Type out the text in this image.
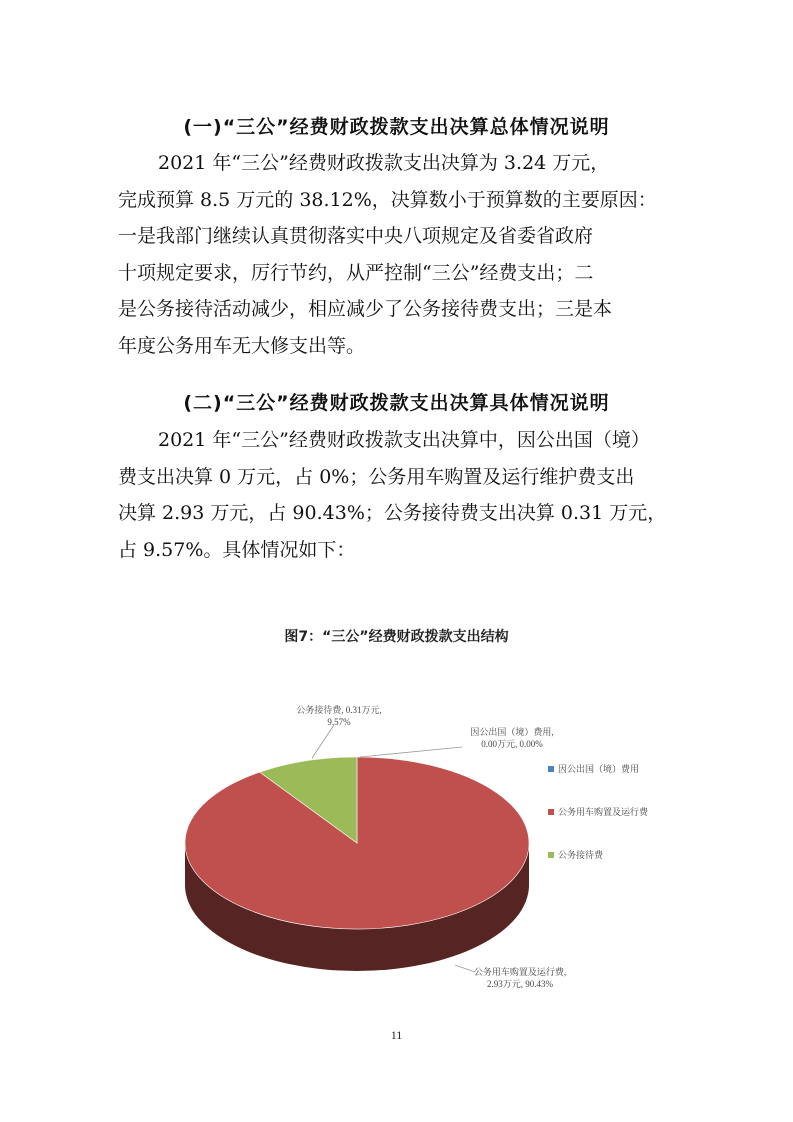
(一)“三公”经费财政拨款支出决算总体情况说明
2021 年“三公”经费财政拨款支出决算为 3.24 万元，
完成预算 8.5 万元的 38.12%，决算数小于预算数的主要原因：
一是我部门继续认真贯彻落实中央八项规定及省委省政府
十项规定要求，厉行节约，从严控制“三公”经费支出；二
是公务接待活动减少，相应减少了公务接待费支出；三是本
年度公务用车无大修支出等。
(二)“三公”经费财政拨款支出决算具体情况说明
2021 年“三公”经费财政拨款支出决算中，因公出国（境）
费支出决算 0 万元，占 0%；公务用车购置及运行维护费支出
决算 2.93 万元，占 90.43%；公务接待费支出决算 0.31 万元，
占 9.57%。具体情况如下：
图7：“三公”经费财政拨款支出结构
因公出国（境）费用,
0.00万元, 0.00%
公务用车购置及运行费,
2.93万元, 90.43%
公务接待费, 0.31万元,
9.57%
因公出国（境）费用
公务用车购置及运行费
公务接待费
11
